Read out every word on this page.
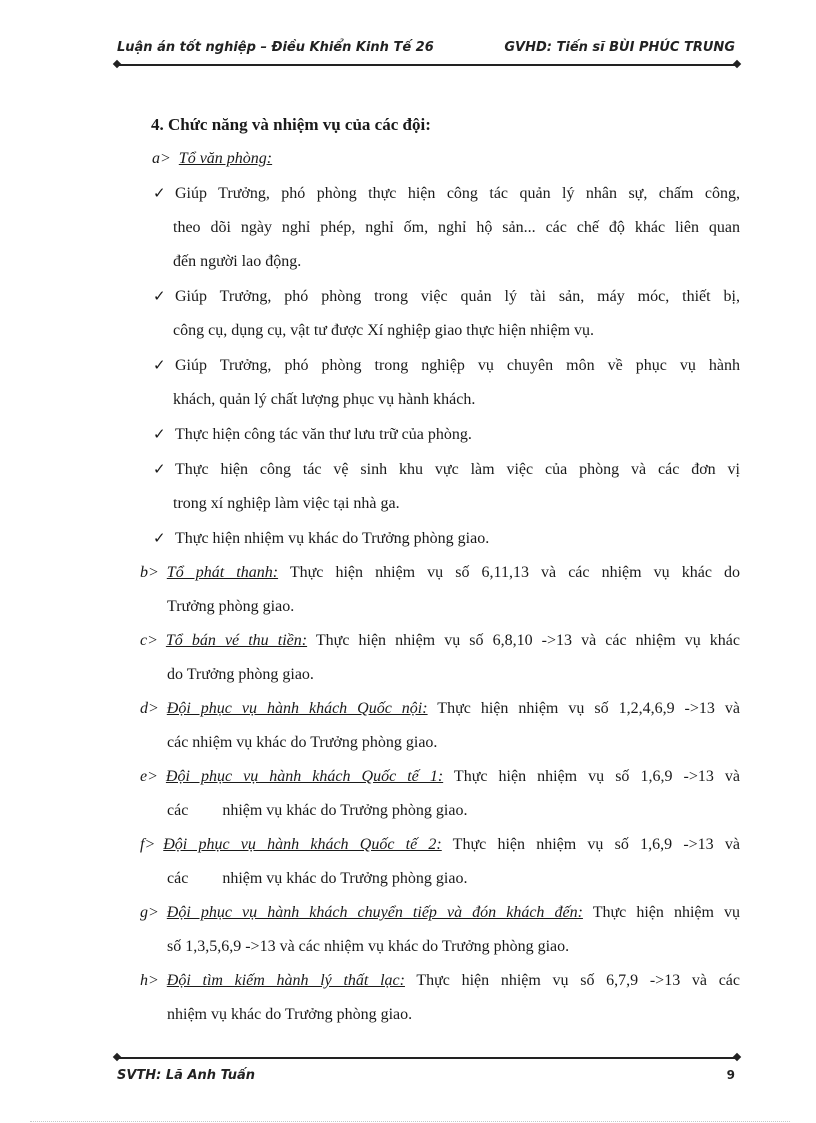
Luận án tốt nghiệp – Điều Khiển Kinh Tế 26	GVHD: Tiến sĩ BÙI PHÚC TRUNG
4. Chức năng và nhiệm vụ của các đội:
a> Tổ văn phòng:
✓ Giúp Trưởng, phó phòng thực hiện công tác quản lý nhân sự, chấm công,
theo dõi ngày nghỉ phép, nghỉ ốm, nghỉ hộ sản... các chế độ khác liên quan
đến người lao động.
✓ Giúp Trưởng, phó phòng trong việc quản lý tài sản, máy móc, thiết bị,
công cụ, dụng cụ, vật tư được Xí nghiệp giao thực hiện nhiệm vụ.
✓ Giúp Trưởng, phó phòng trong nghiệp vụ chuyên môn về phục vụ hành
khách, quản lý chất lượng phục vụ hành khách.
✓ Thực hiện công tác văn thư lưu trữ của phòng.
✓ Thực hiện công tác vệ sinh khu vực làm việc của phòng và các đơn vị
trong xí nghiệp làm việc tại nhà ga.
✓ Thực hiện nhiệm vụ khác do Trưởng phòng giao.
b> Tổ phát thanh: Thực hiện nhiệm vụ số 6,11,13 và các nhiệm vụ khác do
Trưởng phòng giao.
c> Tổ bán vé thu tiền: Thực hiện nhiệm vụ số 6,8,10 ->13 và các nhiệm vụ khác
do Trưởng phòng giao.
d> Đội phục vụ hành khách Quốc nội: Thực hiện nhiệm vụ số 1,2,4,6,9 ->13 và
các nhiệm vụ khác do Trưởng phòng giao.
e> Đội phục vụ hành khách Quốc tế 1: Thực hiện nhiệm vụ số 1,6,9 ->13 và
các nhiệm vụ khác do Trưởng phòng giao.
f> Đội phục vụ hành khách Quốc tế 2: Thực hiện nhiệm vụ số 1,6,9 ->13 và
các nhiệm vụ khác do Trưởng phòng giao.
g> Đội phục vụ hành khách chuyển tiếp và đón khách đến: Thực hiện nhiệm vụ
số 1,3,5,6,9 ->13 và các nhiệm vụ khác do Trưởng phòng giao.
h> Đội tìm kiếm hành lý thất lạc: Thực hiện nhiệm vụ số 6,7,9 ->13 và các
nhiệm vụ khác do Trưởng phòng giao.
SVTH: Lã Anh Tuấn	9
